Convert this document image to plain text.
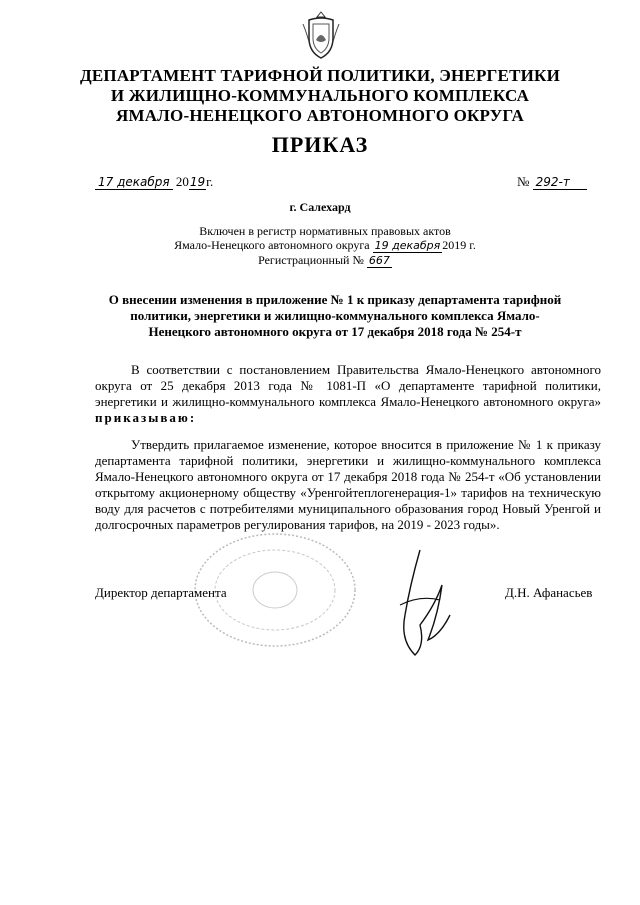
ДЕПАРТАМЕНТ ТАРИФНОЙ ПОЛИТИКИ, ЭНЕРГЕТИКИ
И ЖИЛИЩНО-КОММУНАЛЬНОГО КОМПЛЕКСА
ЯМАЛО-НЕНЕЦКОГО АВТОНОМНОГО ОКРУГА
ПРИКАЗ
17 декабря 2019г.	№ 292-т
г. Салехард
Включен в регистр нормативных правовых актов
Ямало-Ненецкого автономного округа 19 декабря 2019 г.
Регистрационный № 667
О внесении изменения в приложение № 1 к приказу департамента тарифной политики, энергетики и жилищно-коммунального комплекса Ямало-Ненецкого автономного округа от 17 декабря 2018 года № 254-т
В соответствии с постановлением Правительства Ямало-Ненецкого автономного округа от 25 декабря 2013 года № 1081-П «О департаменте тарифной политики, энергетики и жилищно-коммунального комплекса Ямало-Ненецкого автономного округа» приказываю:
Утвердить прилагаемое изменение, которое вносится в приложение № 1 к приказу департамента тарифной политики, энергетики и жилищно-коммунального комплекса Ямало-Ненецкого автономного округа от 17 декабря 2018 года № 254-т «Об установлении открытому акционерному обществу «Уренгойтеплогенерация-1» тарифов на техническую воду для расчетов с потребителями муниципального образования город Новый Уренгой и долгосрочных параметров регулирования тарифов, на 2019 - 2023 годы».
Директор департамента	Д.Н. Афанасьев
